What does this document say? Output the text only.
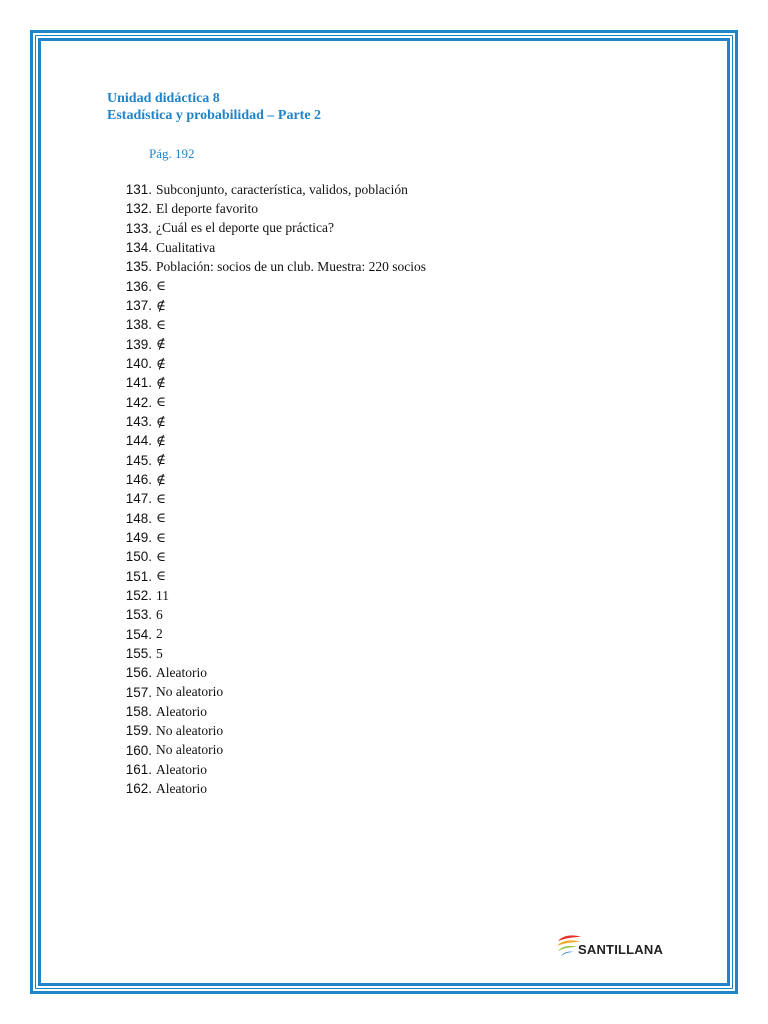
Unidad didáctica 8
Estadística y probabilidad – Parte 2
Pág. 192
131. Subconjunto, característica, validos, población
132. El deporte favorito
133. ¿Cuál es el deporte que práctica?
134. Cualitativa
135. Población: socios de un club. Muestra: 220 socios
136. ∈
137. ∉
138. ∈
139. ∉
140. ∉
141. ∉
142. ∈
143. ∉
144. ∉
145. ∉
146. ∉
147. ∈
148. ∈
149. ∈
150. ∈
151. ∈
152. 11
153. 6
154. 2
155. 5
156. Aleatorio
157. No aleatorio
158. Aleatorio
159. No aleatorio
160. No aleatorio
161. Aleatorio
162. Aleatorio
SANTILLANA
